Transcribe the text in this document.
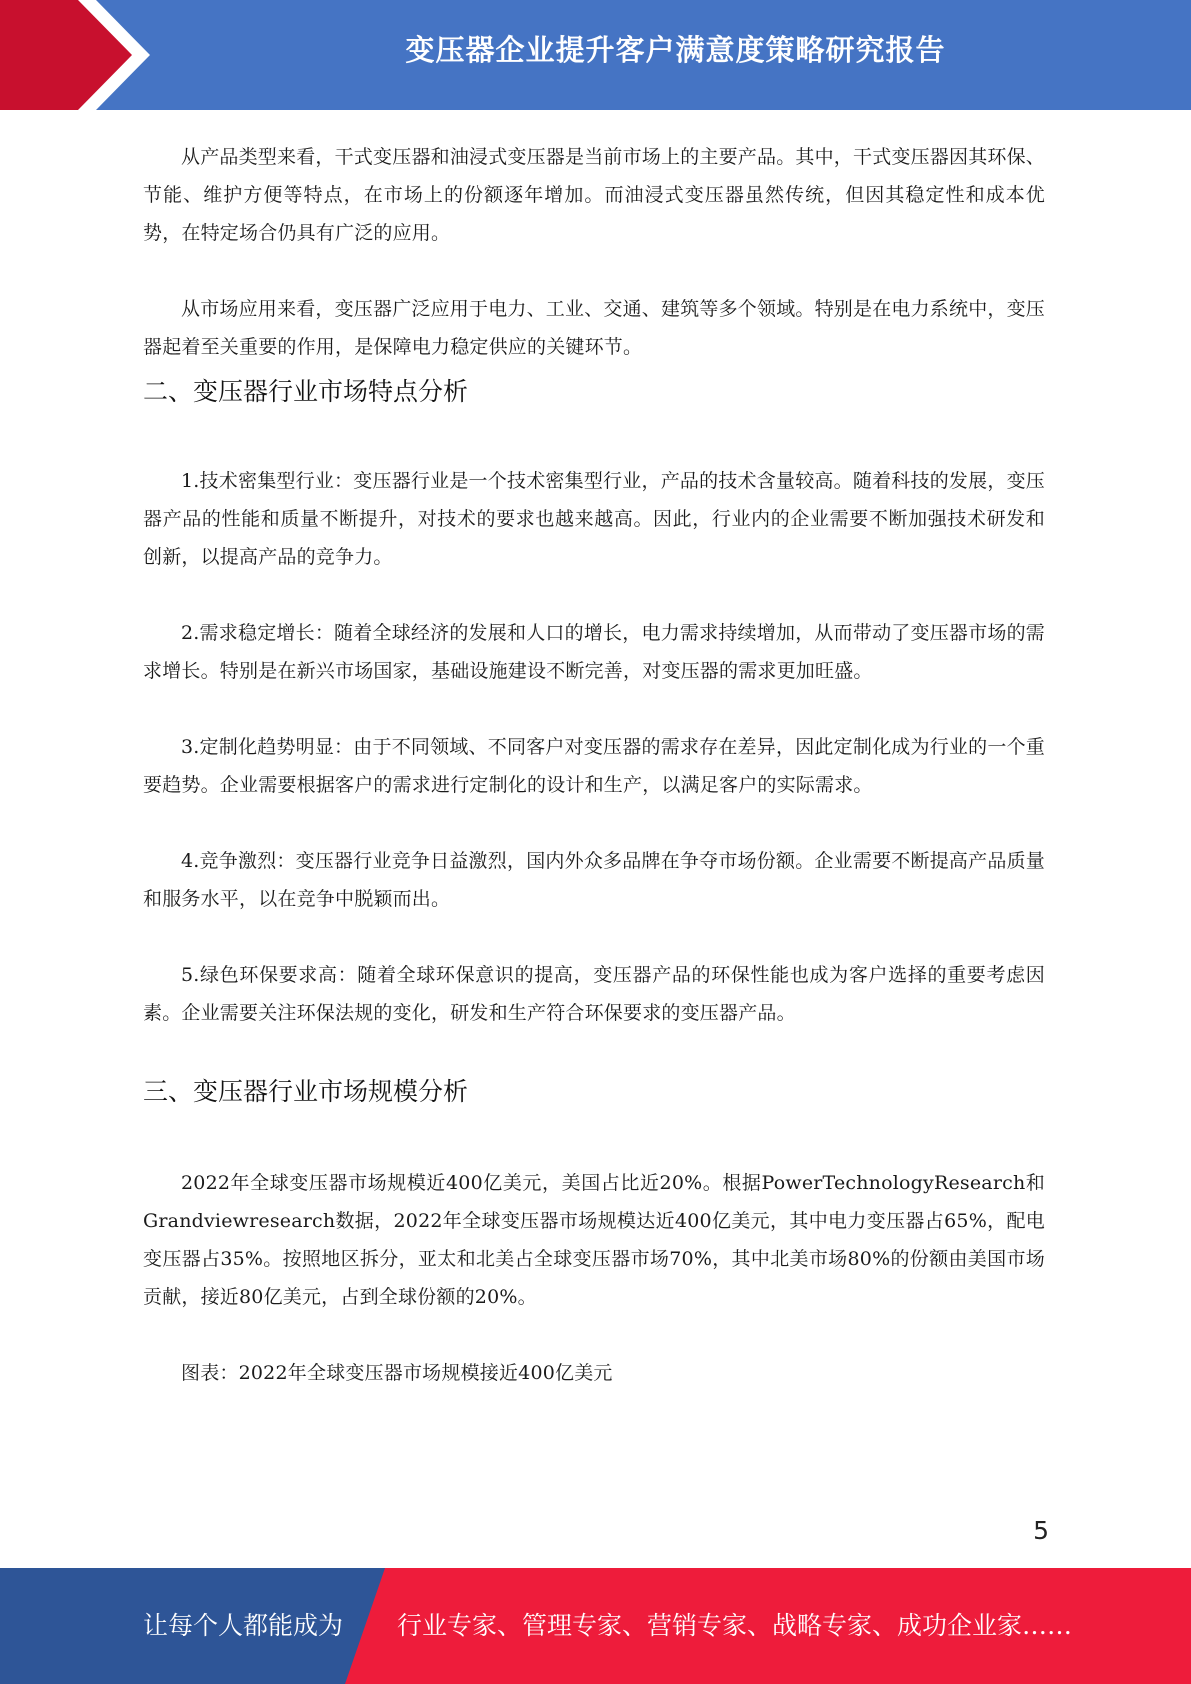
变压器企业提升客户满意度策略研究报告

从产品类型来看，干式变压器和油浸式变压器是当前市场上的主要产品。其中，干式变压器因其环保、节能、维护方便等特点，在市场上的份额逐年增加。而油浸式变压器虽然传统，但因其稳定性和成本优势，在特定场合仍具有广泛的应用。

从市场应用来看，变压器广泛应用于电力、工业、交通、建筑等多个领域。特别是在电力系统中，变压器起着至关重要的作用，是保障电力稳定供应的关键环节。

二、变压器行业市场特点分析

1.技术密集型行业：变压器行业是一个技术密集型行业，产品的技术含量较高。随着科技的发展，变压器产品的性能和质量不断提升，对技术的要求也越来越高。因此，行业内的企业需要不断加强技术研发和创新，以提高产品的竞争力。

2.需求稳定增长：随着全球经济的发展和人口的增长，电力需求持续增加，从而带动了变压器市场的需求增长。特别是在新兴市场国家，基础设施建设不断完善，对变压器的需求更加旺盛。

3.定制化趋势明显：由于不同领域、不同客户对变压器的需求存在差异，因此定制化成为行业的一个重要趋势。企业需要根据客户的需求进行定制化的设计和生产，以满足客户的实际需求。

4.竞争激烈：变压器行业竞争日益激烈，国内外众多品牌在争夺市场份额。企业需要不断提高产品质量和服务水平，以在竞争中脱颖而出。

5.绿色环保要求高：随着全球环保意识的提高，变压器产品的环保性能也成为客户选择的重要考虑因素。企业需要关注环保法规的变化，研发和生产符合环保要求的变压器产品。

三、变压器行业市场规模分析

2022年全球变压器市场规模近400亿美元，美国占比近20%。根据PowerTechnologyResearch和Grandviewresearch数据，2022年全球变压器市场规模达近400亿美元，其中电力变压器占65%，配电变压器占35%。按照地区拆分，亚太和北美占全球变压器市场70%，其中北美市场80%的份额由美国市场贡献，接近80亿美元，占到全球份额的20%。

图表：2022年全球变压器市场规模接近400亿美元

5
让每个人都能成为 行业专家、管理专家、营销专家、战略专家、成功企业家……
